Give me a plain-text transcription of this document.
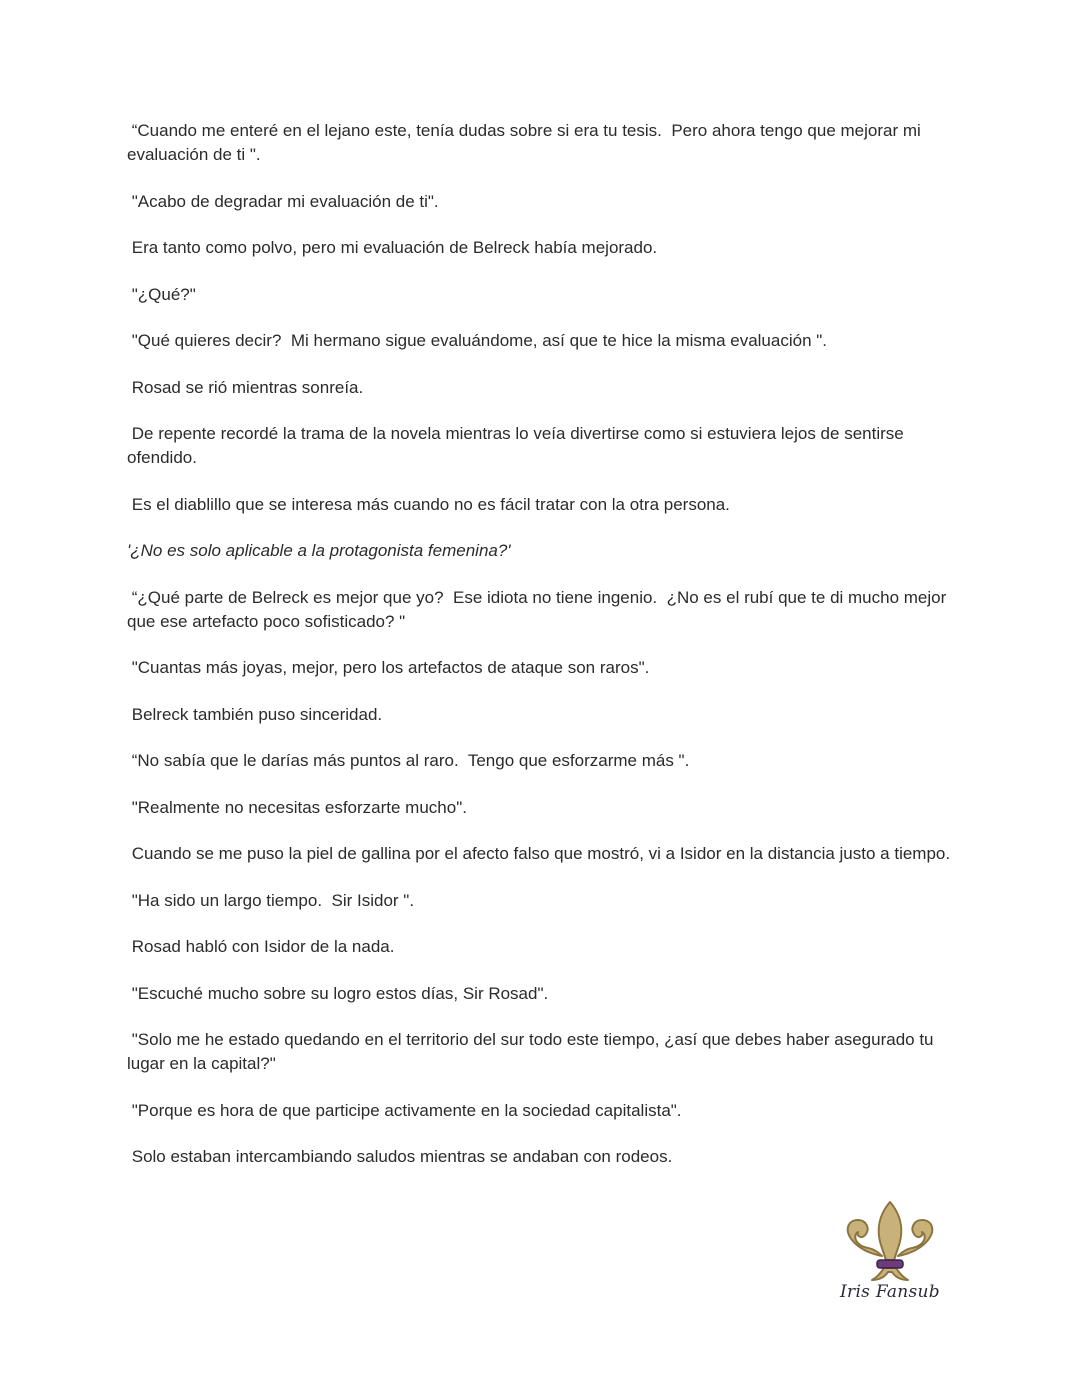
“Cuando me enteré en el lejano este, tenía dudas sobre si era tu tesis.  Pero ahora tengo que mejorar mi evaluación de ti ".

"Acabo de degradar mi evaluación de ti".

Era tanto como polvo, pero mi evaluación de Belreck había mejorado.

"¿Qué?"

"Qué quieres decir?  Mi hermano sigue evaluándome, así que te hice la misma evaluación ".

Rosad se rió mientras sonreía.

De repente recordé la trama de la novela mientras lo veía divertirse como si estuviera lejos de sentirse ofendido.

Es el diablillo que se interesa más cuando no es fácil tratar con la otra persona.

'¿No es solo aplicable a la protagonista femenina?'

“¿Qué parte de Belreck es mejor que yo?  Ese idiota no tiene ingenio.  ¿No es el rubí que te di mucho mejor que ese artefacto poco sofisticado? "

"Cuantas más joyas, mejor, pero los artefactos de ataque son raros".

Belreck también puso sinceridad.

“No sabía que le darías más puntos al raro.  Tengo que esforzarme más ".

"Realmente no necesitas esforzarte mucho".

Cuando se me puso la piel de gallina por el afecto falso que mostró, vi a Isidor en la distancia justo a tiempo.

"Ha sido un largo tiempo.  Sir Isidor ".

Rosad habló con Isidor de la nada.

"Escuché mucho sobre su logro estos días, Sir Rosad".

"Solo me he estado quedando en el territorio del sur todo este tiempo, ¿así que debes haber asegurado tu lugar en la capital?"

"Porque es hora de que participe activamente en la sociedad capitalista".

Solo estaban intercambiando saludos mientras se andaban con rodeos.

Iris Fansub
